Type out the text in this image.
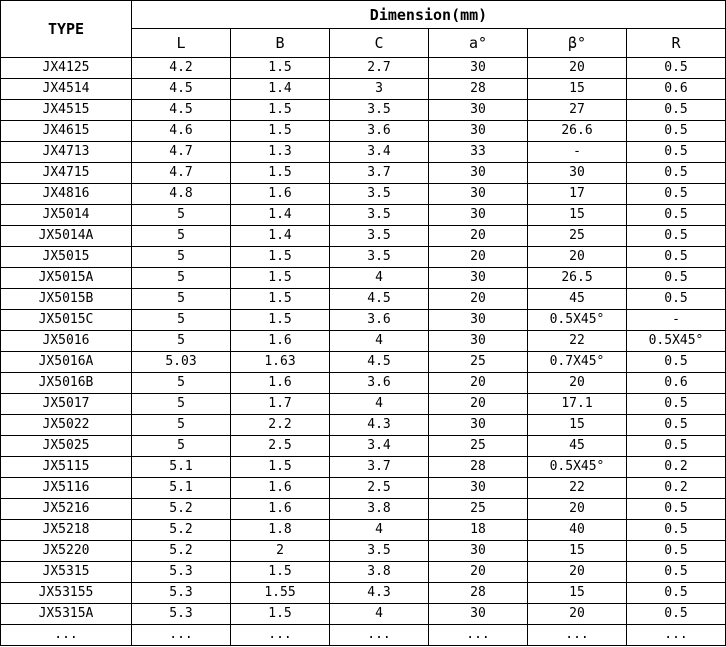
TYPE	Dimension(mm)					
	L	B	C	a°	β°	R
JX4125	4.2	1.5	2.7	30	20	0.5
JX4514	4.5	1.4	3	28	15	0.6
JX4515	4.5	1.5	3.5	30	27	0.5
JX4615	4.6	1.5	3.6	30	26.6	0.5
JX4713	4.7	1.3	3.4	33	-	0.5
JX4715	4.7	1.5	3.7	30	30	0.5
JX4816	4.8	1.6	3.5	30	17	0.5
JX5014	5	1.4	3.5	30	15	0.5
JX5014A	5	1.4	3.5	20	25	0.5
JX5015	5	1.5	3.5	20	20	0.5
JX5015A	5	1.5	4	30	26.5	0.5
JX5015B	5	1.5	4.5	20	45	0.5
JX5015C	5	1.5	3.6	30	0.5X45°	-
JX5016	5	1.6	4	30	22	0.5X45°
JX5016A	5.03	1.63	4.5	25	0.7X45°	0.5
JX5016B	5	1.6	3.6	20	20	0.6
JX5017	5	1.7	4	20	17.1	0.5
JX5022	5	2.2	4.3	30	15	0.5
JX5025	5	2.5	3.4	25	45	0.5
JX5115	5.1	1.5	3.7	28	0.5X45°	0.2
JX5116	5.1	1.6	2.5	30	22	0.2
JX5216	5.2	1.6	3.8	25	20	0.5
JX5218	5.2	1.8	4	18	40	0.5
JX5220	5.2	2	3.5	30	15	0.5
JX5315	5.3	1.5	3.8	20	20	0.5
JX53155	5.3	1.55	4.3	28	15	0.5
JX5315A	5.3	1.5	4	30	20	0.5
...	...	...	...	...	...	...
